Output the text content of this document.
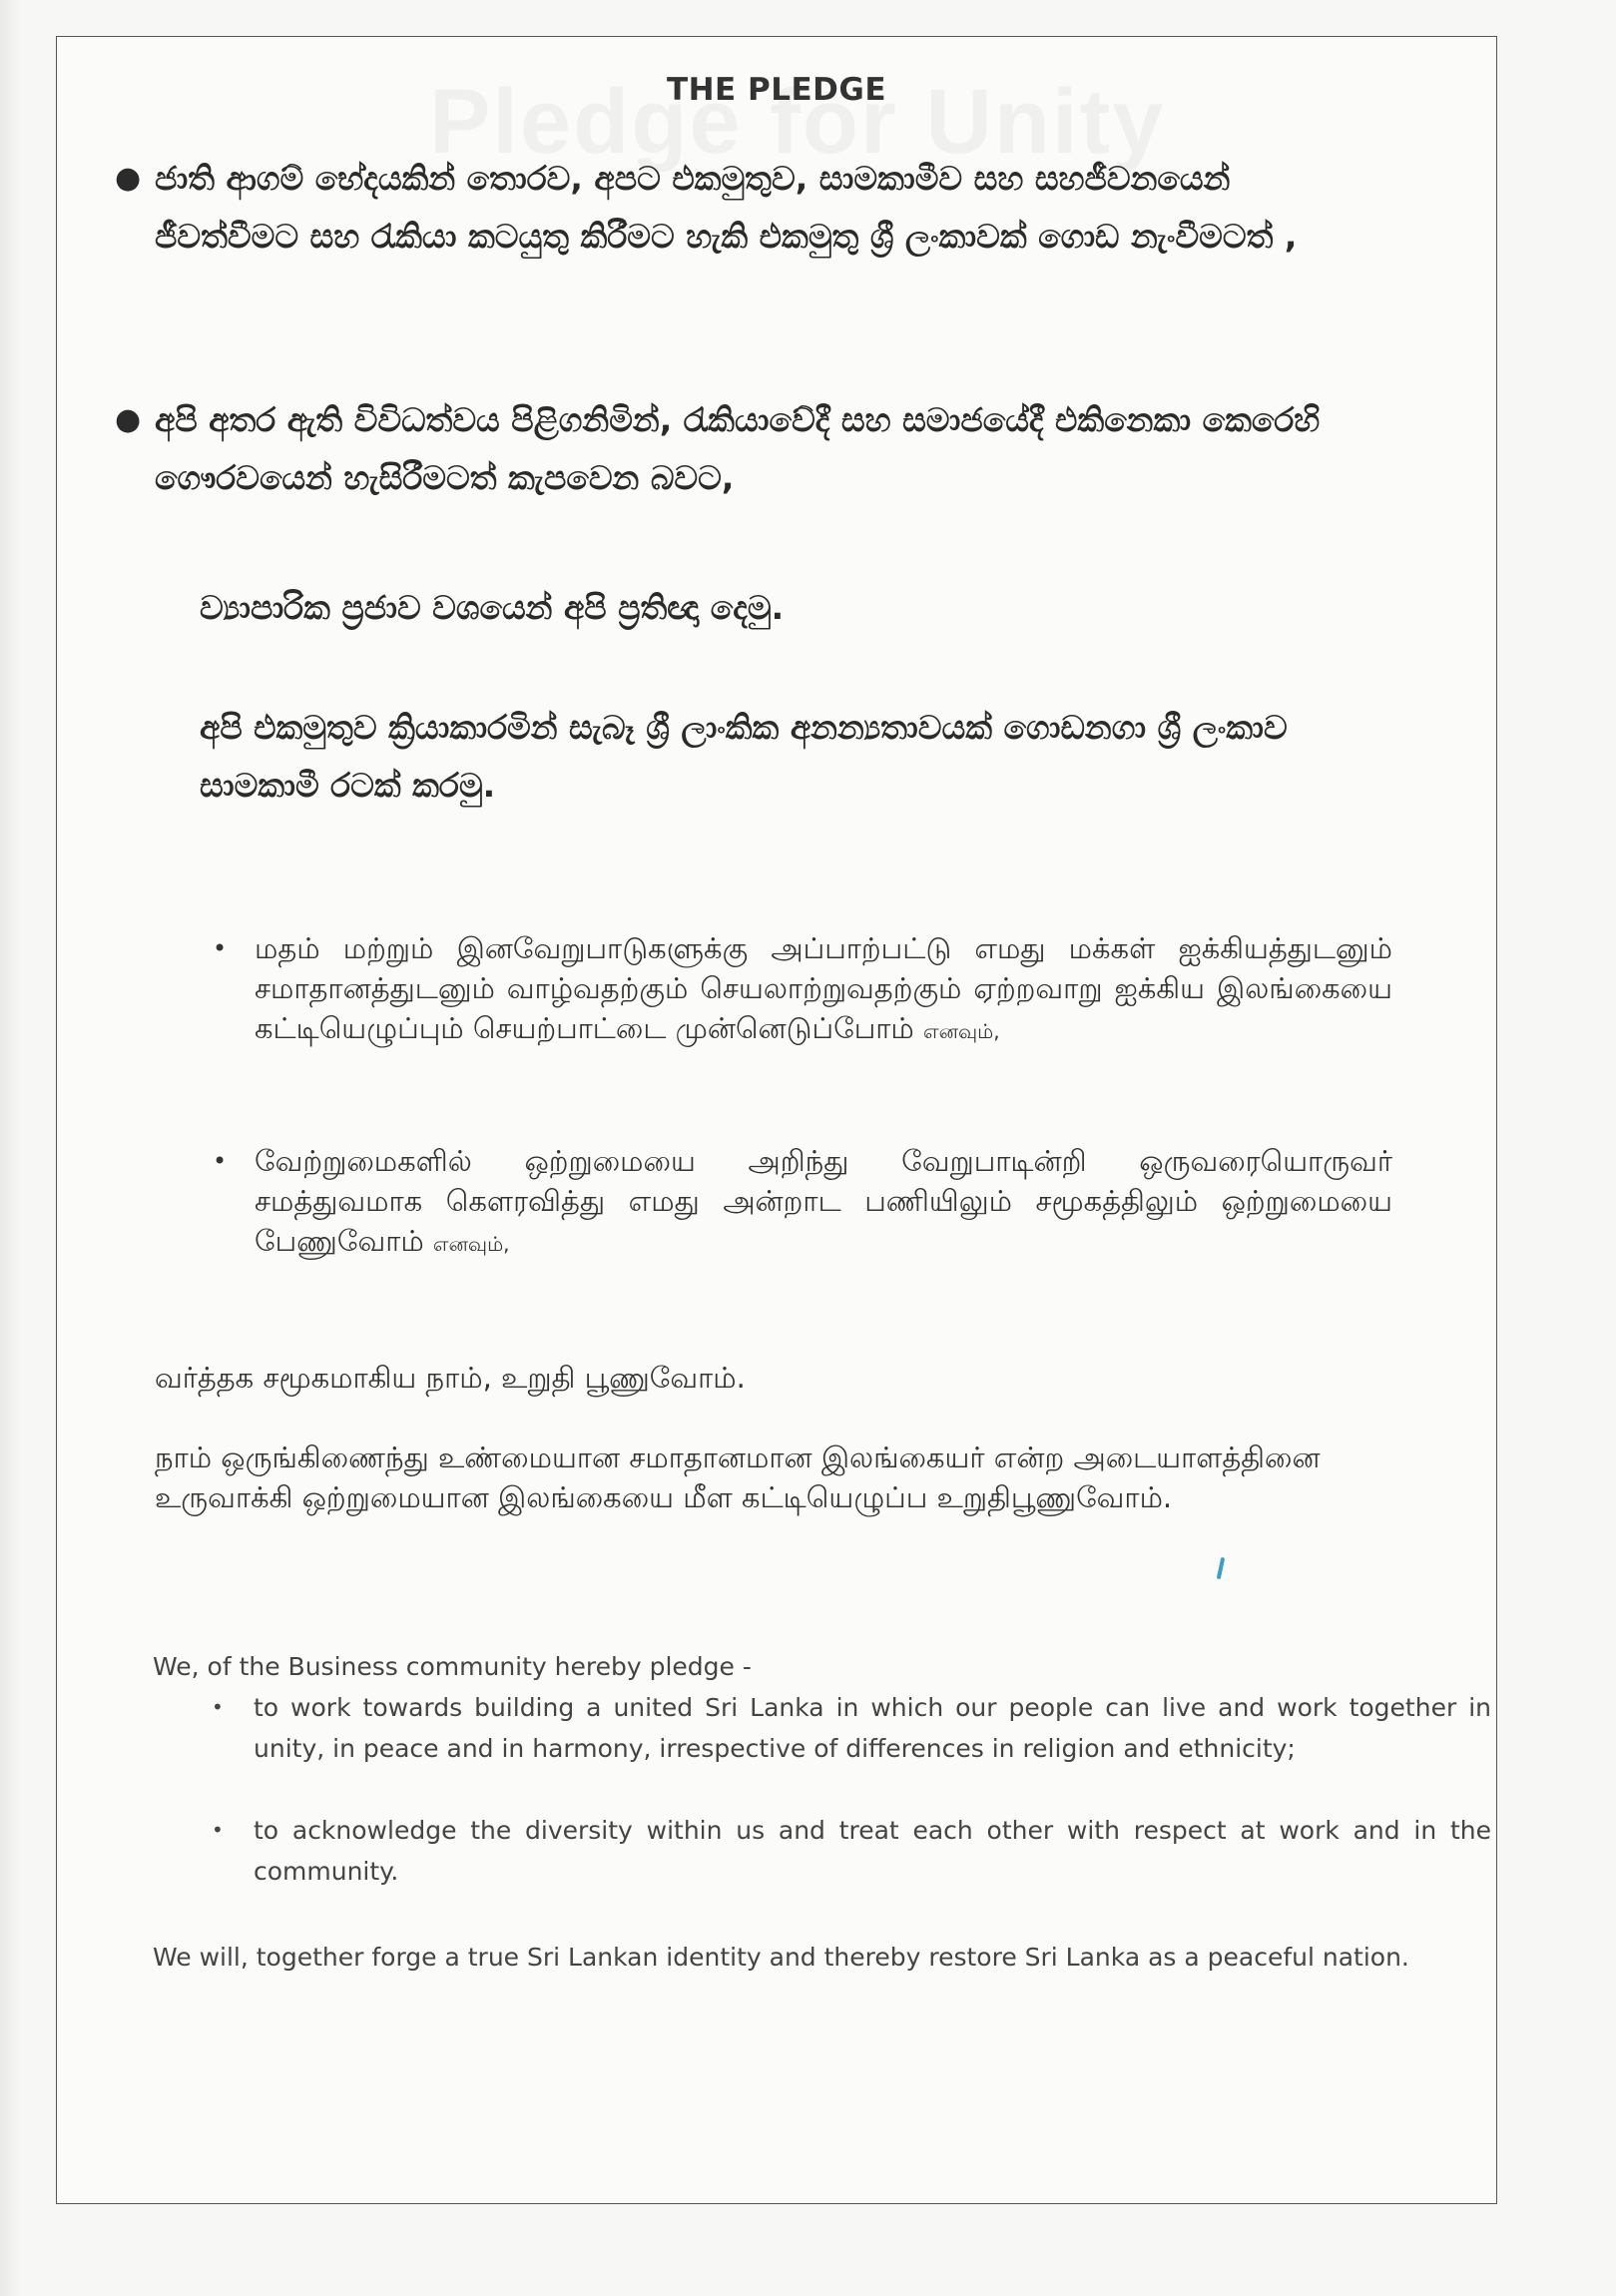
THE PLEDGE
● ජාති ආගම් භේදයකින් තොරව, අපට එකමුතුව, සාමකාමීව සහ සහජීවනයෙන් ජීවත්වීමට සහ රැකියා කටයුතු කිරීමට හැකි එකමුතු ශ්‍රී ලංකාවක් ගොඩ නැංවීමටත් ,
● අපි අතර ඇති විවිධත්වය පිළිගනිමින්, රැකියාවේදී සහ සමාජයේදී එකිනෙකා කෙරෙහි ගෞරවයෙන් හැසිරීමටත් කැපවෙන බවට,
ව්‍යාපාරික ප්‍රජාව වශයෙන් අපි ප්‍රතිඥා දෙමු.
අපි එකමුතුව ක්‍රියාකාරමින් සැබෑ ශ්‍රී ලාංකික අනන්‍යතාවයක් ගොඩනගා ශ්‍රී ලංකාව සාමකාමී රටක් කරමු.
• மதம் மற்றும் இனவேறுபாடுகளுக்கு அப்பாற்பட்டு எமது மக்கள் ஐக்கியத்துடனும் சமாதானத்துடனும் வாழ்வதற்கும் செயலாற்றுவதற்கும் ஏற்றவாறு ஐக்கிய இலங்கையை கட்டியெழுப்பும் செயற்பாட்டை முன்னெடுப்போம் எனவும்,
• வேற்றுமைகளில் ஒற்றுமையை அறிந்து வேறுபாடின்றி ஒருவரையொருவர் சமத்துவமாக கௌரவித்து எமது அன்றாட பணியிலும் சமூகத்திலும் ஒற்றுமையை பேணுவோம் எனவும்,
வர்த்தக சமூகமாகிய நாம், உறுதி பூணுவோம்.
நாம் ஒருங்கிணைந்து உண்மையான சமாதானமான இலங்கையர் என்ற அடையாளத்தினை உருவாக்கி ஒற்றுமையான இலங்கையை மீள கட்டியெழுப்ப உறுதிபூணுவோம்.
We, of the Business community hereby pledge -
• to work towards building a united Sri Lanka in which our people can live and work together in unity, in peace and in harmony, irrespective of differences in religion and ethnicity;
• to acknowledge the diversity within us and treat each other with respect at work and in the community.
We will, together forge a true Sri Lankan identity and thereby restore Sri Lanka as a peaceful nation.
